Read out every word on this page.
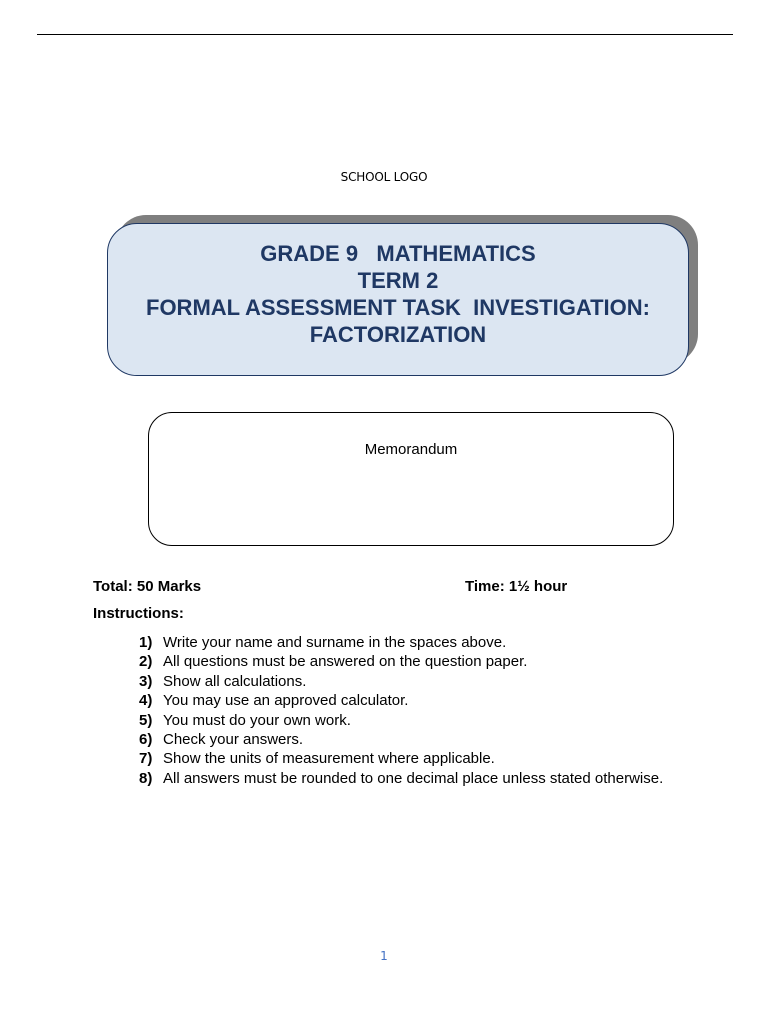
SCHOOL LOGO
GRADE 9   MATHEMATICS
TERM 2
FORMAL ASSESSMENT TASK  INVESTIGATION:
FACTORIZATION
Memorandum
Total: 50 Marks	Time: 1½ hour
Instructions:
1) Write your name and surname in the spaces above.
2) All questions must be answered on the question paper.
3) Show all calculations.
4) You may use an approved calculator.
5) You must do your own work.
6) Check your answers.
7) Show the units of measurement where applicable.
8) All answers must be rounded to one decimal place unless stated otherwise.
1
